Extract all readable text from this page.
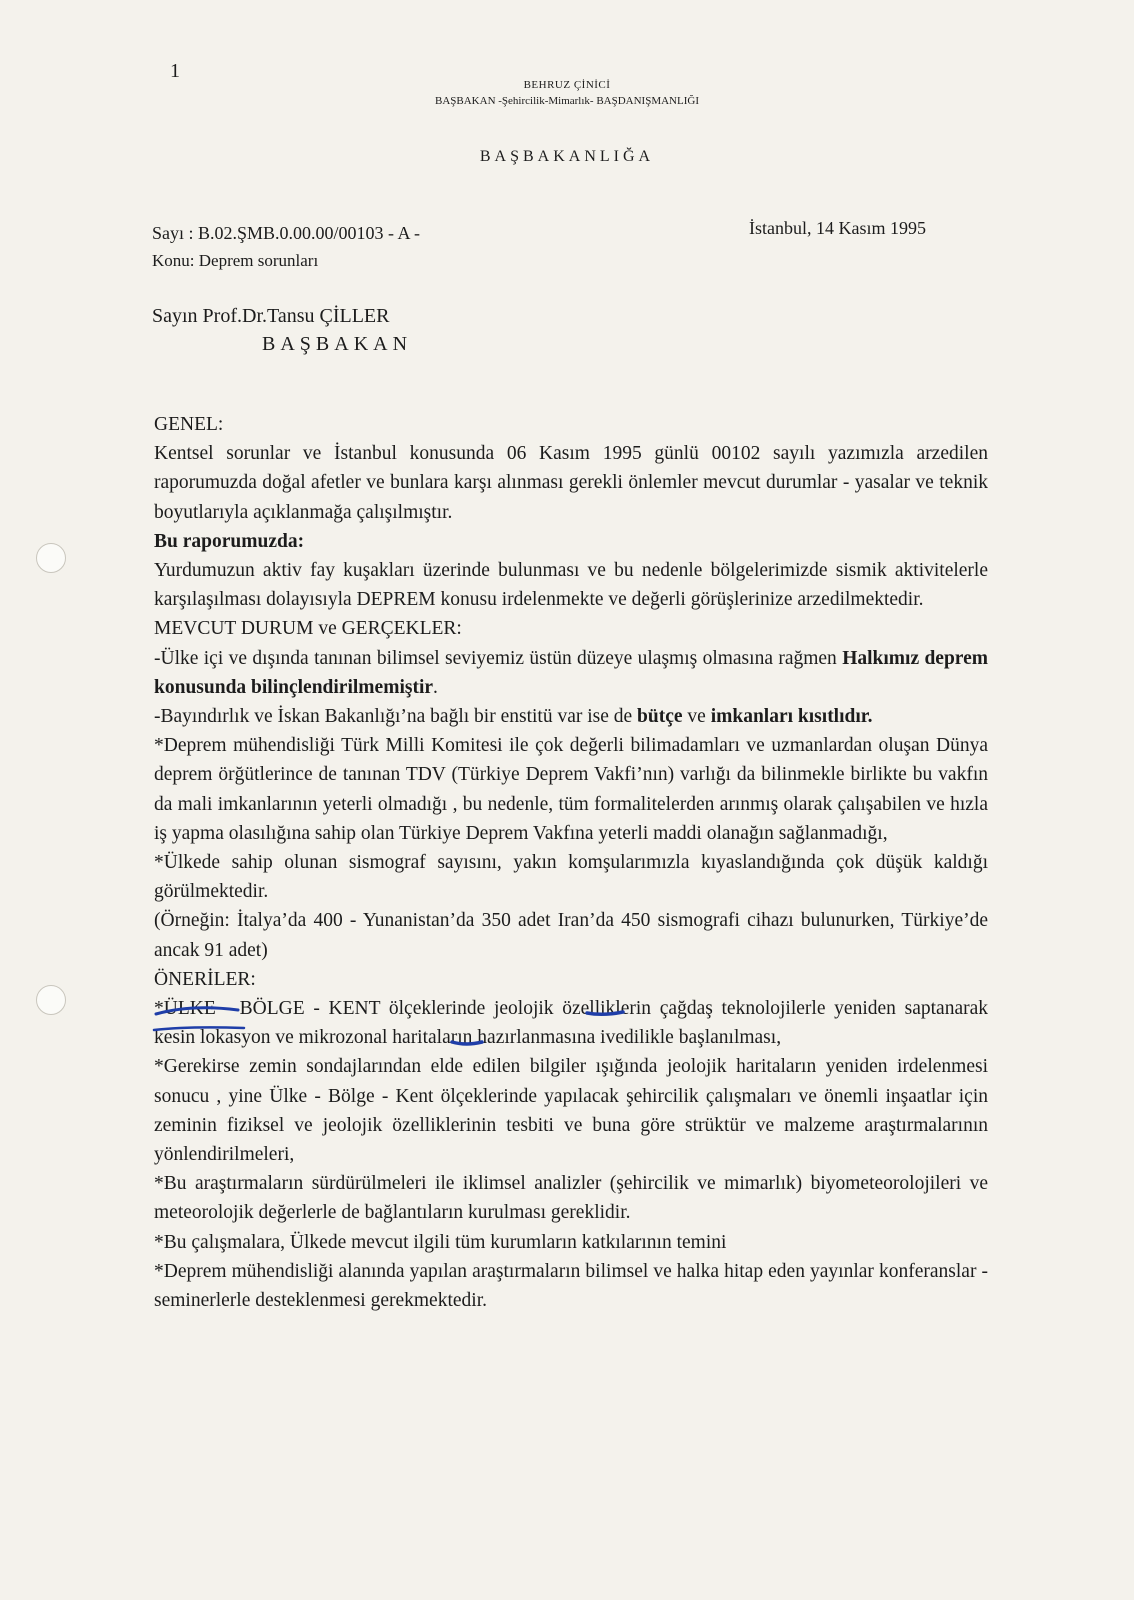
1
BEHRUZ ÇİNİCİ
BAŞBAKAN -Şehircilik-Mimarlık- BAŞDANIŞMANLIĞI
BAŞBAKANLIĞA
Sayı : B.02.ŞMB.0.00.00/00103 - A -
Konu: Deprem sorunları
İstanbul, 14 Kasım 1995
Sayın Prof.Dr.Tansu ÇİLLER
BAŞBAKAN
GENEL:
Kentsel sorunlar ve İstanbul konusunda 06 Kasım 1995 günlü 00102 sayılı yazımızla arzedilen raporumuzda doğal afetler ve bunlara karşı alınması gerekli önlemler mevcut durumlar - yasalar ve teknik boyutlarıyla açıklanmağa çalışılmıştır.
Bu raporumuzda:
Yurdumuzun aktiv fay kuşakları üzerinde bulunması ve bu nedenle bölgelerimizde sismik aktivitelerle karşılaşılması dolayısıyla DEPREM konusu irdelenmekte ve değerli görüşlerinize arzedilmektedir.
MEVCUT DURUM ve GERÇEKLER:
-Ülke içi ve dışında tanınan bilimsel seviyemiz üstün düzeye ulaşmış olmasına rağmen Halkımız deprem konusunda bilinçlendirilmemiştir.
-Bayındırlık ve İskan Bakanlığı’na bağlı bir enstitü var ise de bütçe ve imkanları kısıtlıdır.
*Deprem mühendisliği Türk Milli Komitesi ile çok değerli bilimadamları ve uzmanlardan oluşan Dünya deprem örğütlerince de tanınan TDV (Türkiye Deprem Vakfi’nın) varlığı da bilinmekle birlikte bu vakfın da mali imkanlarının yeterli olmadığı , bu nedenle, tüm formalitelerden arınmış olarak çalışabilen ve hızla iş yapma olasılığına sahip olan Türkiye Deprem Vakfına yeterli maddi olanağın sağlanmadığı,
*Ülkede sahip olunan sismograf sayısını, yakın komşularımızla kıyaslandığında çok düşük kaldığı görülmektedir.
(Örneğin: İtalya’da 400 - Yunanistan’da 350 adet Iran’da 450 sismografi cihazı bulunurken, Türkiye’de ancak 91 adet)
ÖNERİLER:
*ÜLKE - BÖLGE - KENT ölçeklerinde jeolojik özelliklerin çağdaş teknolojilerle yeniden saptanarak kesin lokasyon ve mikrozonal haritaların hazırlanmasına ivedilikle başlanılması,
*Gerekirse zemin sondajlarından elde edilen bilgiler ışığında jeolojik haritaların yeniden irdelenmesi sonucu , yine Ülke - Bölge - Kent ölçeklerinde yapılacak şehircilik çalışmaları ve önemli inşaatlar için zeminin fiziksel ve jeolojik özelliklerinin tesbiti ve buna göre strüktür ve malzeme araştırmalarının yönlendirilmeleri,
*Bu araştırmaların sürdürülmeleri ile iklimsel analizler (şehircilik ve mimarlık) biyometeorolojileri ve meteorolojik değerlerle de bağlantıların kurulması gereklidir.
*Bu çalışmalara, Ülkede mevcut ilgili tüm kurumların katkılarının temini
*Deprem mühendisliği alanında yapılan araştırmaların bilimsel ve halka hitap eden yayınlar konferanslar - seminerlerle desteklenmesi gerekmektedir.
